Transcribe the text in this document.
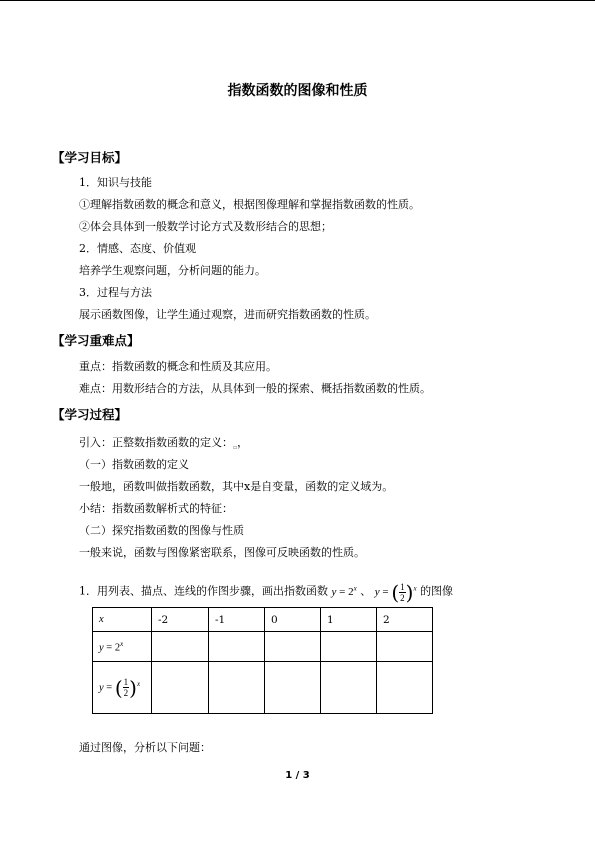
指数函数的图像和性质
【学习目标】
1．知识与技能
①理解指数函数的概念和意义，根据图像理解和掌握指数函数的性质。
②体会具体到一般数学讨论方式及数形结合的思想；
2．情感、态度、价值观
培养学生观察问题，分析问题的能力。
3．过程与方法
展示函数图像，让学生通过观察，进而研究指数函数的性质。
【学习重难点】
重点：指数函数的概念和性质及其应用。
难点：用数形结合的方法，从具体到一般的探索、概括指数函数的性质。
【学习过程】
引入：正整数指数函数的定义：$_▫$，
（一）指数函数的定义
一般地，函数叫做指数函数，其中x是自变量，函数的定义域为。
小结：指数函数解析式的特征：
（二）探究指数函数的图像与性质
一般来说，函数与图像紧密联系，图像可反映函数的性质。
1．用列表、描点、连线的作图步骤，画出指数函数 $y = 2^x$ 、 y = ( $\frac{1}{2} )^x$ 的图像
x	-2	-1	0	1	2
$y = 2^x$					
y = ( $\frac{1}{2} )^x$					
通过图像，分析以下问题：
1 / 3
